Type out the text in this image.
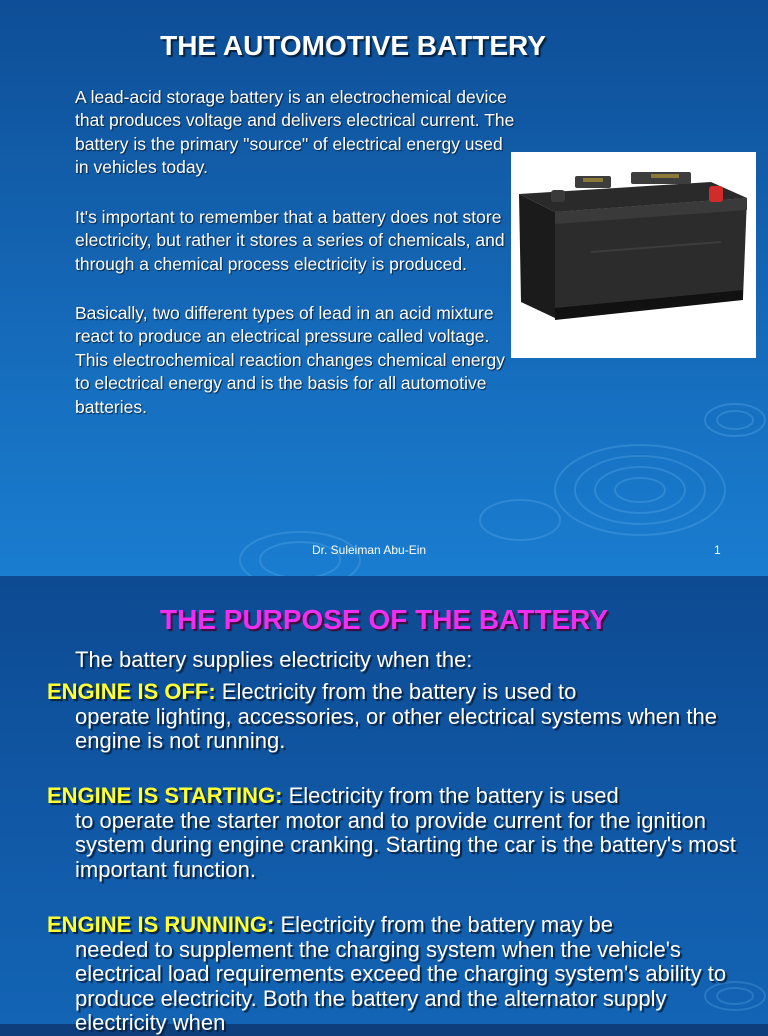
THE AUTOMOTIVE BATTERY
A lead-acid storage battery is an electrochemical device that produces voltage and delivers electrical current. The battery is the primary "source" of electrical energy used in vehicles today.
It's important to remember that a battery does not store electricity, but rather it stores a series of chemicals, and through a chemical process electricity is produced.
Basically, two different types of lead in an acid mixture react to produce an electrical pressure called voltage. This electrochemical reaction changes chemical energy to electrical energy and is the basis for all automotive batteries.
Dr. Suleiman Abu-Ein	1
THE PURPOSE OF THE BATTERY
The battery supplies electricity when the:
ENGINE IS OFF: Electricity from the battery is used to
operate lighting, accessories, or other electrical systems when the engine is not running.
ENGINE IS STARTING: Electricity from the battery is used
to operate the starter motor and to provide current for the ignition system during engine cranking. Starting the car is the battery's most important function.
ENGINE IS RUNNING: Electricity from the battery may be
needed to supplement the charging system when the vehicle's electrical load requirements exceed the charging system's ability to produce electricity. Both the battery and the alternator supply electricity when
